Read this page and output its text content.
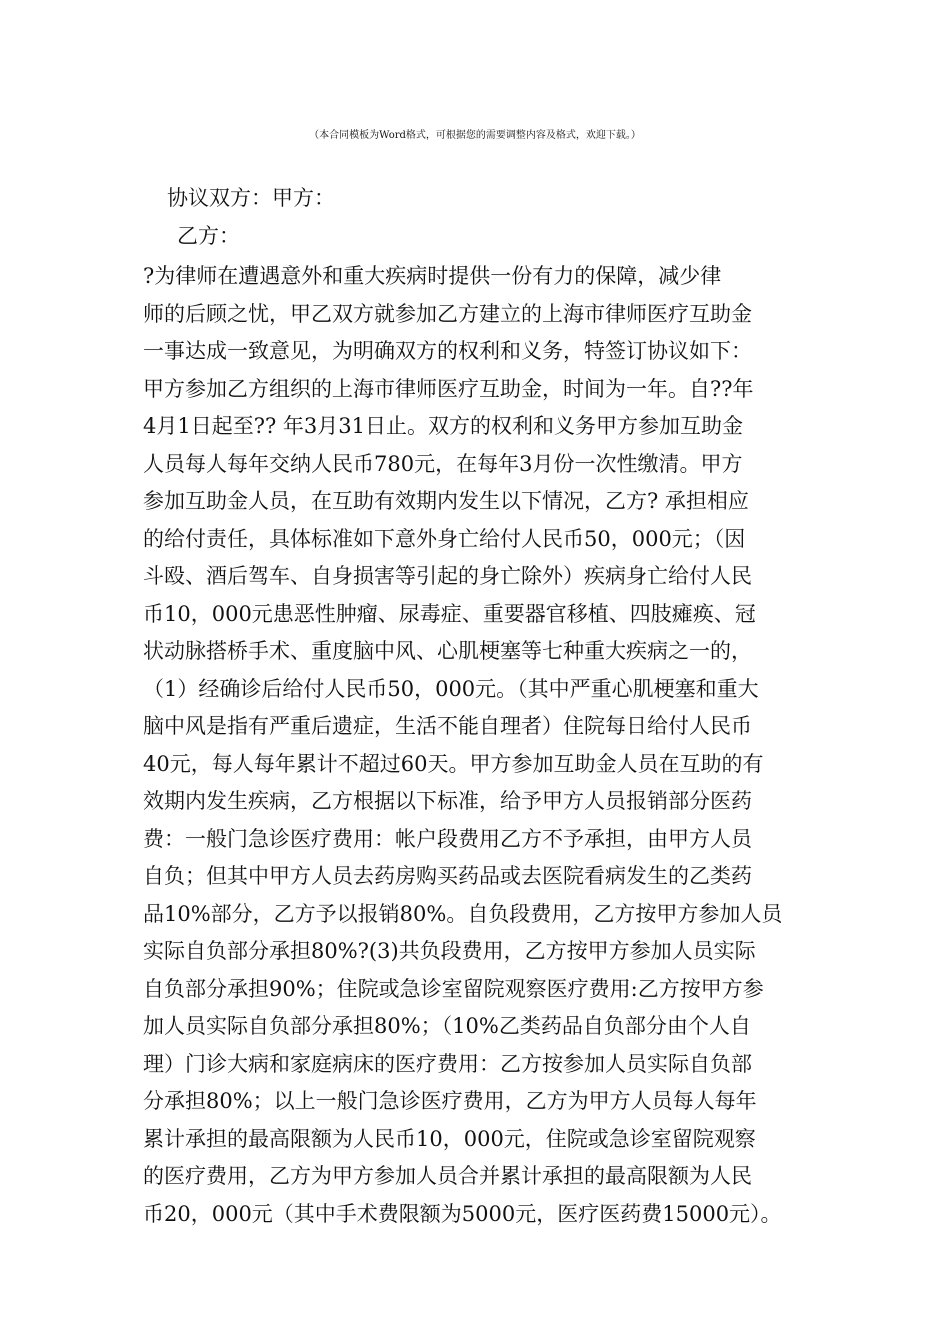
（本合同模板为Word格式，可根据您的需要调整内容及格式，欢迎下载。）
协议双方：甲方：
乙方：
?为律师在遭遇意外和重大疾病时提供一份有力的保障，减少律
师的后顾之忧，甲乙双方就参加乙方建立的上海市律师医疗互助金
一事达成一致意见，为明确双方的权利和义务，特签订协议如下：
甲方参加乙方组织的上海市律师医疗互助金，时间为一年。自??年
4月1日起至?? 年3月31日止。双方的权利和义务甲方参加互助金
人员每人每年交纳人民币780元，在每年3月份一次性缴清。甲方
参加互助金人员，在互助有效期内发生以下情况，乙方? 承担相应
的给付责任，具体标准如下意外身亡给付人民币50，000元；（因
斗殴、酒后驾车、自身损害等引起的身亡除外）疾病身亡给付人民
币10，000元患恶性肿瘤、尿毒症、重要器官移植、四肢瘫痪、冠
状动脉搭桥手术、重度脑中风、心肌梗塞等七种重大疾病之一的，
（1）经确诊后给付人民币50，000元。（其中严重心肌梗塞和重大
脑中风是指有严重后遗症，生活不能自理者）住院每日给付人民币
40元，每人每年累计不超过60天。甲方参加互助金人员在互助的有
效期内发生疾病，乙方根据以下标准，给予甲方人员报销部分医药
费：一般门急诊医疗费用：帐户段费用乙方不予承担，由甲方人员
自负；但其中甲方人员去药房购买药品或去医院看病发生的乙类药
品10%部分，乙方予以报销80%。自负段费用，乙方按甲方参加人员
实际自负部分承担80%?(3)共负段费用，乙方按甲方参加人员实际
自负部分承担90%；住院或急诊室留院观察医疗费用:乙方按甲方参
加人员实际自负部分承担80%；（10%乙类药品自负部分由个人自
理）门诊大病和家庭病床的医疗费用：乙方按参加人员实际自负部
分承担80%；以上一般门急诊医疗费用，乙方为甲方人员每人每年
累计承担的最高限额为人民币10，000元，住院或急诊室留院观察
的医疗费用，乙方为甲方参加人员合并累计承担的最高限额为人民
币20，000元（其中手术费限额为5000元，医疗医药费15000元）。
